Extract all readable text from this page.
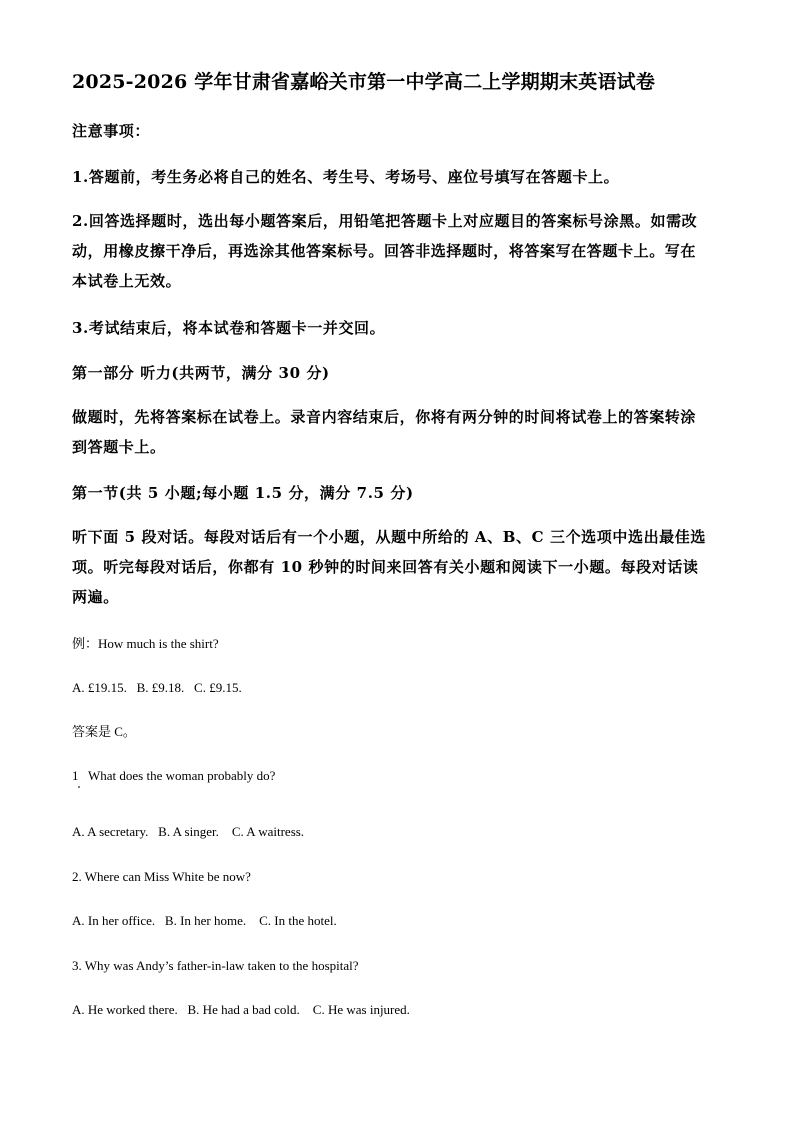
2025-2026 学年甘肃省嘉峪关市第一中学高二上学期期末英语试卷
注意事项：
1.答题前，考生务必将自己的姓名、考生号、考场号、座位号填写在答题卡上。
2.回答选择题时，选出每小题答案后，用铅笔把答题卡上对应题目的答案标号涂黑。如需改
动，用橡皮擦干净后，再选涂其他答案标号。回答非选择题时，将答案写在答题卡上。写在
本试卷上无效。
3.考试结束后，将本试卷和答题卡一并交回。
第一部分 听力(共两节，满分 30 分)
做题时，先将答案标在试卷上。录音内容结束后，你将有两分钟的时间将试卷上的答案转涂
到答题卡上。
第一节(共 5 小题;每小题 1.5 分，满分 7.5 分)
听下面 5 段对话。每段对话后有一个小题，从题中所给的 A、B、C 三个选项中选出最佳选
项。听完每段对话后，你都有 10 秒钟的时间来回答有关小题和阅读下一小题。每段对话读
两遍。
例：How much is the shirt?
A. £19.15.   B. £9.18.   C. £9.15.
答案是 C。
1   What does the woman probably do?
A. A secretary.   B. A singer.    C. A waitress.
2. Where can Miss White be now?
A. In her office.   B. In her home.    C. In the hotel.
3. Why was Andy’s father-in-law taken to the hospital?
A. He worked there.   B. He had a bad cold.    C. He was injured.
